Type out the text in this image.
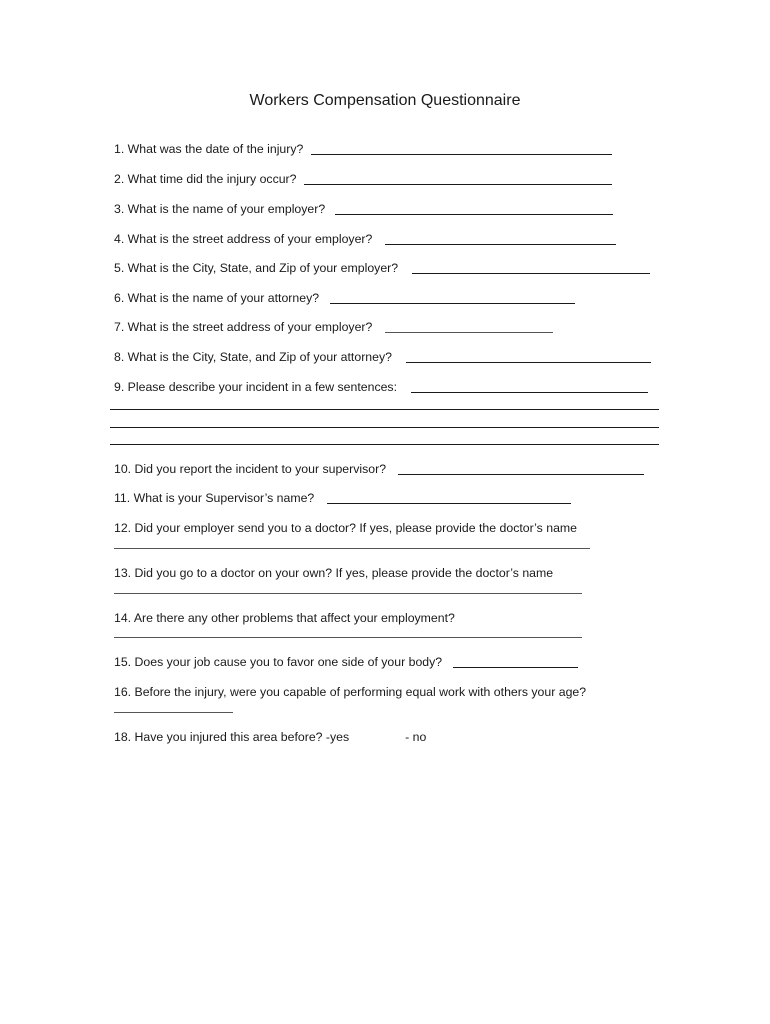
Workers Compensation Questionnaire
1. What was the date of the injury?
2. What time did the injury occur?
3. What is the name of your employer?
4. What is the street address of your employer?
5. What is the City, State, and Zip of your employer?
6. What is the name of your attorney?
7. What is the street address of your employer?
8. What is the City, State, and Zip of your attorney?
9. Please describe your incident in a few sentences:
10. Did you report the incident to your supervisor?
11. What is your Supervisor’s name?
12. Did your employer send you to a doctor? If yes, please provide the doctor’s name
13. Did you go to a doctor on your own? If yes, please provide the doctor’s name
14. Are there any other problems that affect your employment?
15. Does your job cause you to favor one side of your body?
16. Before the injury, were you capable of performing equal work with others your age?
18. Have you injured this area before? -yes	- no
